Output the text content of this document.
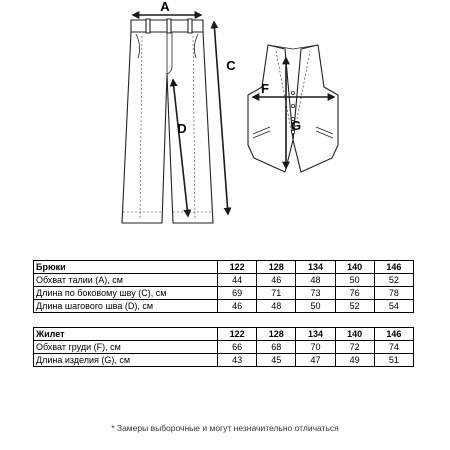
A
C
D
F
G
Брюки	122	128	134	140	146
Обхват талии (А), см	44	46	48	50	52
Длина по боковому шву (С), см	69	71	73	76	78
Длина шагового шва (D), см	46	48	50	52	54
Жилет	122	128	134	140	146
Обхват груди (F), см	66	68	70	72	74
Длина изделия (G), см	43	45	47	49	51
* Замеры выборочные и могут незначительно отличаться
